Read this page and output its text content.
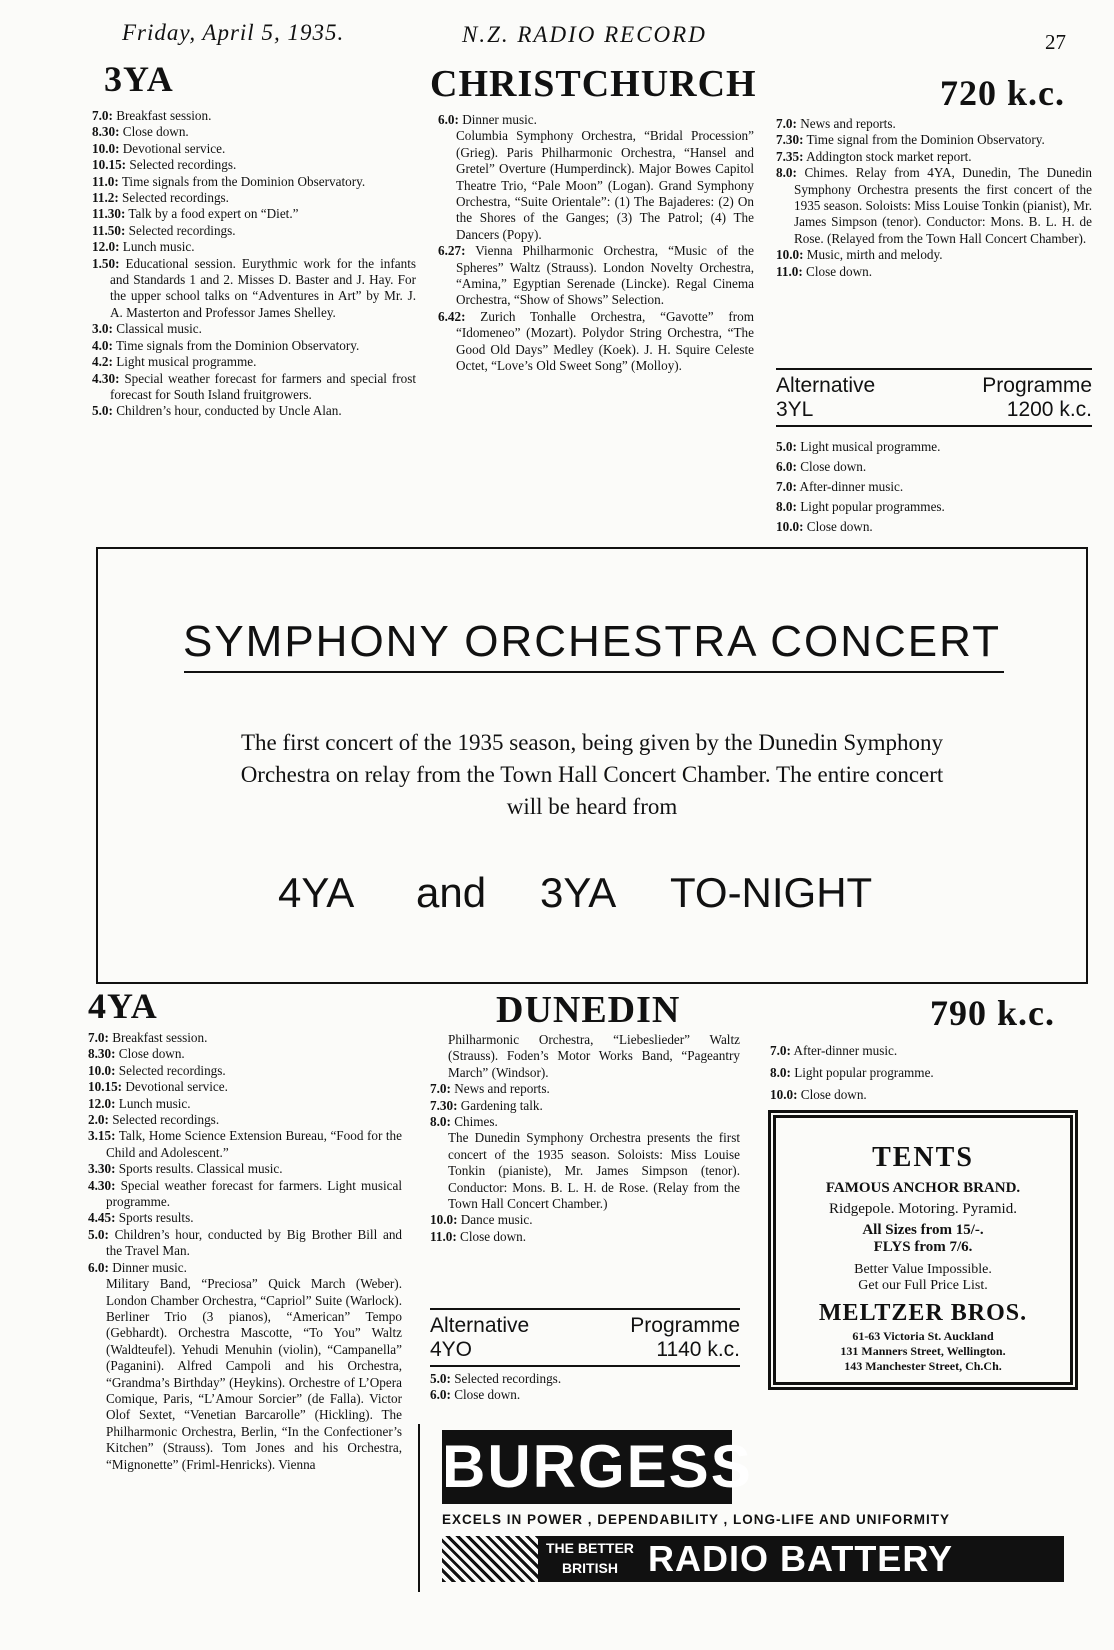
Friday, April 5, 1935.	N.Z. RADIO RECORD	27
3YA	CHRISTCHURCH	720 k.c.
7.0: Breakfast session.
8.30: Close down.
10.0: Devotional service.
10.15: Selected recordings.
11.0: Time signals from the Dominion Observatory.
11.2: Selected recordings.
11.30: Talk by a food expert on “Diet.”
11.50: Selected recordings.
12.0: Lunch music.
1.50: Educational session. Eurythmic work for the infants and Standards 1 and 2. Misses D. Baster and J. Hay. For the upper school talks on “Adventures in Art” by Mr. J. A. Masterton and Professor James Shelley.
3.0: Classical music.
4.0: Time signals from the Dominion Observatory.
4.2: Light musical programme.
4.30: Special weather forecast for farmers and special frost forecast for South Island fruitgrowers.
5.0: Children’s hour, conducted by Uncle Alan.
6.0: Dinner music.
Columbia Symphony Orchestra, “Bridal Procession” (Grieg). Paris Philharmonic Orchestra, “Hansel and Gretel” Overture (Humperdinck). Major Bowes Capitol Theatre Trio, “Pale Moon” (Logan). Grand Symphony Orchestra, “Suite Orientale”: (1) The Bajaderes: (2) On the Shores of the Ganges; (3) The Patrol; (4) The Dancers (Popy).
6.27: Vienna Philharmonic Orchestra, “Music of the Spheres” Waltz (Strauss). London Novelty Orchestra, “Amina,” Egyptian Serenade (Lincke). Regal Cinema Orchestra, “Show of Shows” Selection.
6.42: Zurich Tonhalle Orchestra, “Gavotte” from “Idomeneo” (Mozart). Polydor String Orchestra, “The Good Old Days” Medley (Koek). J. H. Squire Celeste Octet, “Love’s Old Sweet Song” (Molloy).
7.0: News and reports.
7.30: Time signal from the Dominion Observatory.
7.35: Addington stock market report.
8.0: Chimes. Relay from 4YA, Dunedin, The Dunedin Symphony Orchestra presents the first concert of the 1935 season. Soloists: Miss Louise Tonkin (pianist), Mr. James Simpson (tenor). Conductor: Mons. B. L. H. de Rose. (Relayed from the Town Hall Concert Chamber).
10.0: Music, mirth and melody.
11.0: Close down.
Alternative	Programme
3YL	1200 k.c.
5.0: Light musical programme.
6.0: Close down.
7.0: After-dinner music.
8.0: Light popular programmes.
10.0: Close down.
SYMPHONY ORCHESTRA CONCERT
The first concert of the 1935 season, being given by the Dunedin Symphony
Orchestra on relay from the Town Hall Concert Chamber. The entire concert
will be heard from
4YA and 3YA TO-NIGHT
4YA	DUNEDIN	790 k.c.
7.0: Breakfast session.
8.30: Close down.
10.0: Selected recordings.
10.15: Devotional service.
12.0: Lunch music.
2.0: Selected recordings.
3.15: Talk, Home Science Extension Bureau, “Food for the Child and Adolescent.”
3.30: Sports results. Classical music.
4.30: Special weather forecast for farmers. Light musical programme.
4.45: Sports results.
5.0: Children’s hour, conducted by Big Brother Bill and the Travel Man.
6.0: Dinner music.
Military Band, “Preciosa” Quick March (Weber). London Chamber Orchestra, “Capriol” Suite (Warlock). Berliner Trio (3 pianos), “American” Tempo (Gebhardt). Orchestra Mascotte, “To You” Waltz (Waldteufel). Yehudi Menuhin (violin), “Campanella” (Paganini). Alfred Campoli and his Orchestra, “Grandma’s Birthday” (Heykins). Orchestre of L’Opera Comique, Paris, “L’Amour Sorcier” (de Falla). Victor Olof Sextet, “Venetian Barcarolle” (Hickling). The Philharmonic Orchestra, Berlin, “In the Confectioner’s Kitchen” (Strauss). Tom Jones and his Orchestra, “Mignonette” (Friml-Henricks). Vienna
Philharmonic Orchestra, “Liebeslieder” Waltz (Strauss). Foden’s Motor Works Band, “Pageantry March” (Windsor).
7.0: News and reports.
7.30: Gardening talk.
8.0: Chimes.
The Dunedin Symphony Orchestra presents the first concert of the 1935 season. Soloists: Miss Louise Tonkin (pianiste), Mr. James Simpson (tenor). Conductor: Mons. B. L. H. de Rose. (Relay from the Town Hall Concert Chamber.)
10.0: Dance music.
11.0: Close down.
7.0: After-dinner music.
8.0: Light popular programme.
10.0: Close down.
Alternative	Programme
4YO	1140 k.c.
5.0: Selected recordings.
6.0: Close down.
TENTS
FAMOUS ANCHOR BRAND.
Ridgepole. Motoring. Pyramid.
All Sizes from 15/-.
FLYS from 7/6.
Better Value Impossible.
Get our Full Price List.
MELTZER BROS.
61-63 Victoria St. Auckland
131 Manners Street, Wellington.
143 Manchester Street, Ch.Ch.
BURGESS
EXCELS IN POWER , DEPENDABILITY , LONG-LIFE AND UNIFORMITY
THE BETTER
BRITISH RADIO BATTERY
